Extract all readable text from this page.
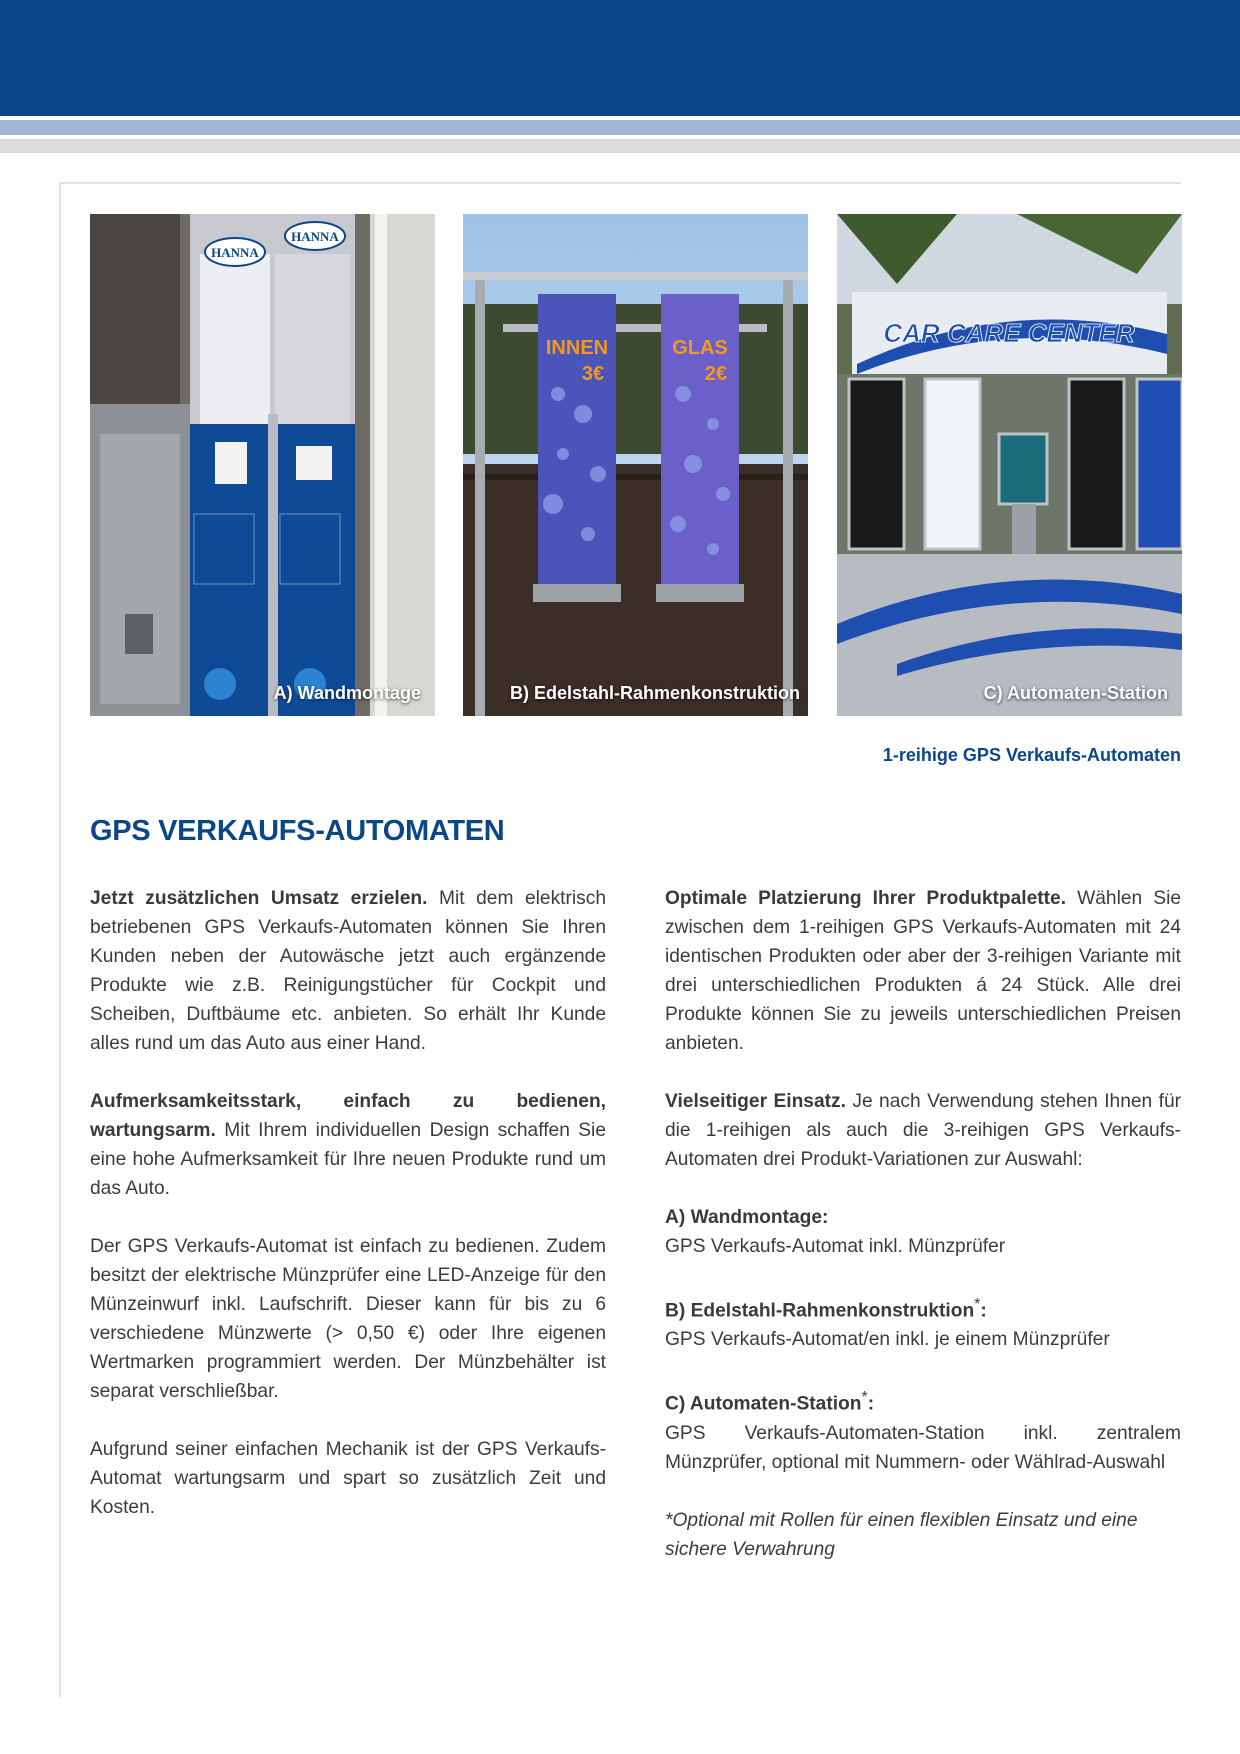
HANNA
HANNA
A) Wandmontage
INNEN
3€
GLAS
2€
B) Edelstahl-Rahmenkonstruktion
CAR CARE CENTER
C) Automaten-Station
1-reihige GPS Verkaufs-Automaten
GPS VERKAUFS-AUTOMATEN

Jetzt zusätzlichen Umsatz erzielen. Mit dem elektrisch betriebenen GPS Verkaufs-Automaten können Sie Ihren Kunden neben der Autowäsche jetzt auch ergänzende Produkte wie z.B. Reinigungstücher für Cockpit und Scheiben, Duftbäume etc. anbieten. So erhält Ihr Kunde alles rund um das Auto aus einer Hand.

Aufmerksamkeitsstark, einfach zu bedienen, wartungsarm. Mit Ihrem individuellen Design schaffen Sie eine hohe Aufmerksamkeit für Ihre neuen Produkte rund um das Auto.

Der GPS Verkaufs-Automat ist einfach zu bedienen. Zudem besitzt der elektrische Münzprüfer eine LED-Anzeige für den Münzeinwurf inkl. Laufschrift. Dieser kann für bis zu 6 verschiedene Münzwerte (> 0,50 €) oder Ihre eigenen Wertmarken programmiert werden. Der Münzbehälter ist separat verschließbar.

Aufgrund seiner einfachen Mechanik ist der GPS Verkaufs-Automat wartungsarm und spart so zusätzlich Zeit und Kosten.

Optimale Platzierung Ihrer Produktpalette. Wählen Sie zwischen dem 1-reihigen GPS Verkaufs-Automaten mit 24 identischen Produkten oder aber der 3-reihigen Variante mit drei unterschiedlichen Produkten á 24 Stück. Alle drei Produkte können Sie zu jeweils unterschiedlichen Preisen anbieten.

Vielseitiger Einsatz. Je nach Verwendung stehen Ihnen für die 1-reihigen als auch die 3-reihigen GPS Verkaufs-Automaten drei Produkt-Variationen zur Auswahl:

A) Wandmontage:

GPS Verkaufs-Automat inkl. Münzprüfer

B) Edelstahl-Rahmenkonstruktion*:

GPS Verkaufs-Automat/en inkl. je einem Münzprüfer

C) Automaten-Station*:

GPS Verkaufs-Automaten-Station inkl. zentralem Münzprüfer, optional mit Nummern- oder Wählrad-Auswahl

*Optional mit Rollen für einen flexiblen Einsatz und eine sichere Verwahrung
